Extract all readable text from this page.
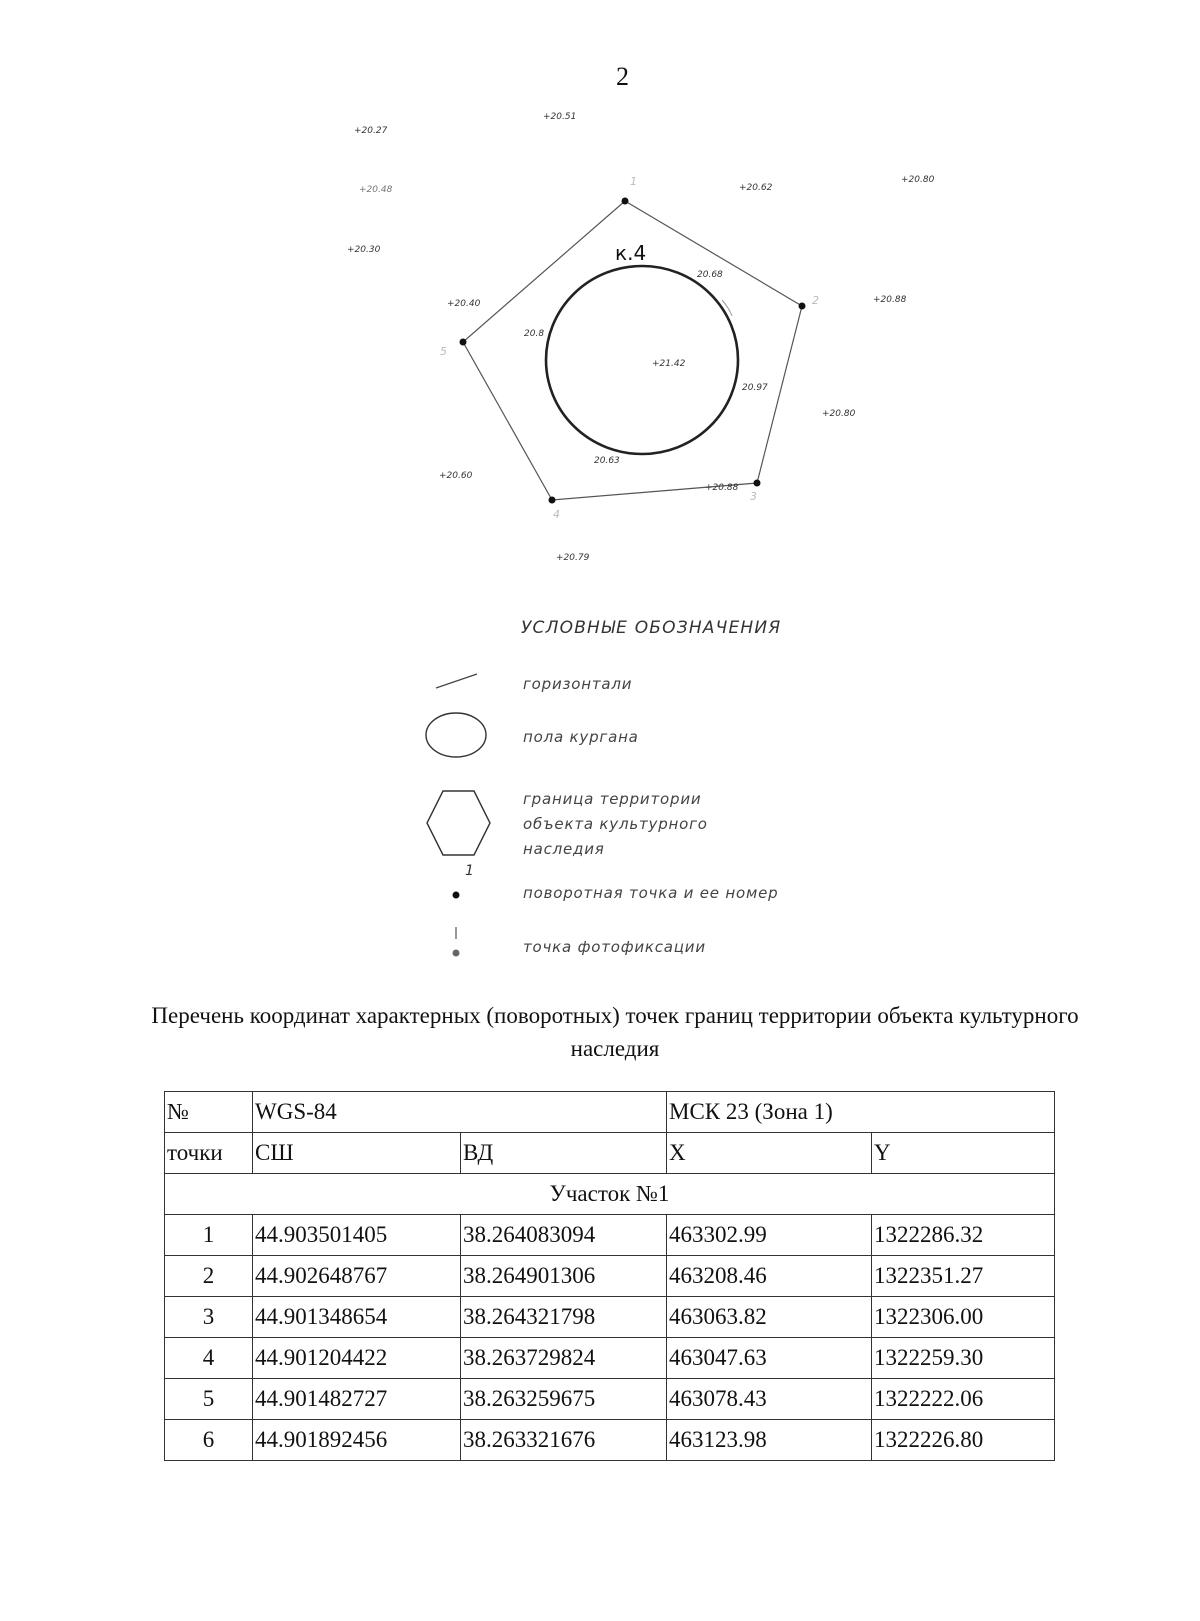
2
1
2
3
4
5
к.4
+20.27
+20.48
+20.51
+20.62
+20.80
+20.30
+20.40	+20.88
20.68
20.8
+21.42
20.97
+20.80
20.63
+20.60
+20.88
+20.79
УСЛОВНЫЕ ОБОЗНАЧЕНИЯ
горизонтали
пола кургана
граница территории
объекта культурного
наследия
1
поворотная точка и ее номер
точка фотофиксации
Перечень координат характерных (поворотных) точек границ территории объекта культурного наследия
№	WGS-84		МСК 23 (Зона 1)	
точки	СШ	ВД	X	Y
Участок №1				
1	44.903501405	38.264083094	463302.99	1322286.32
2	44.902648767	38.264901306	463208.46	1322351.27
3	44.901348654	38.264321798	463063.82	1322306.00
4	44.901204422	38.263729824	463047.63	1322259.30
5	44.901482727	38.263259675	463078.43	1322222.06
6	44.901892456	38.263321676	463123.98	1322226.80
